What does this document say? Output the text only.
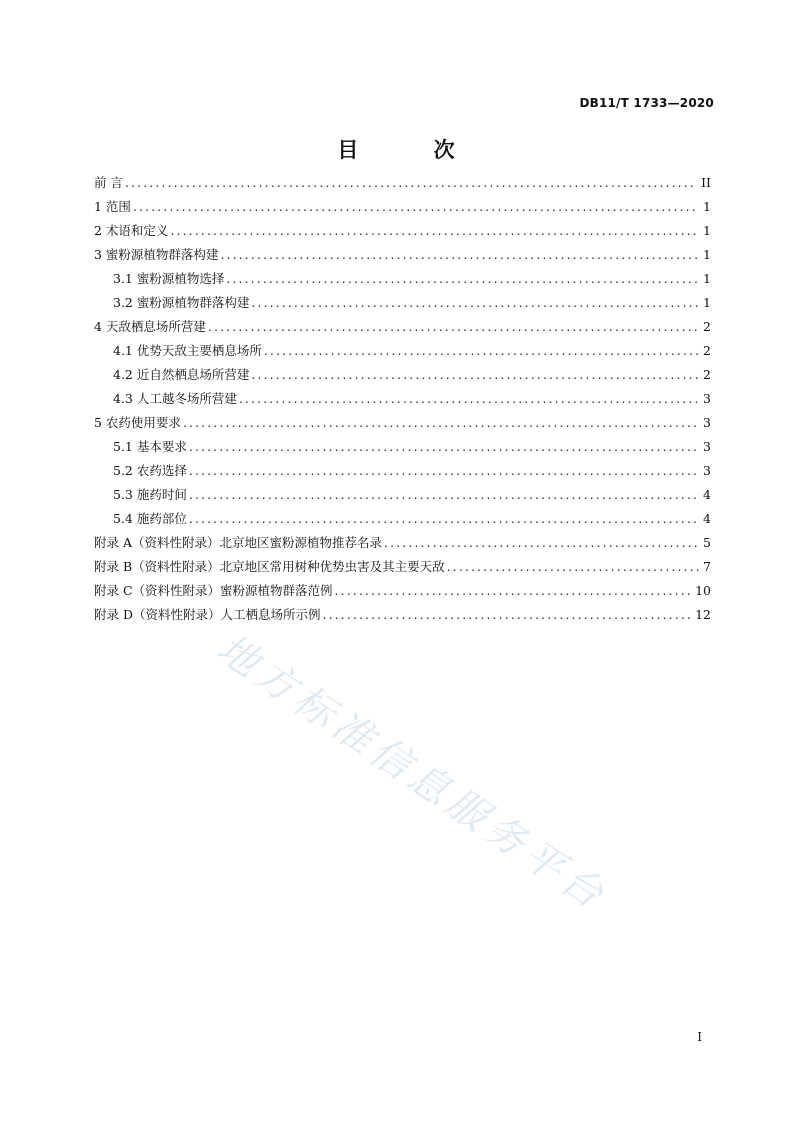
DB11/T 1733—2020
目 次
前 言 .....	II
1 范围 .....	1
2 术语和定义 .....	1
3 蜜粉源植物群落构建 .....	1
3.1 蜜粉源植物选择 .....	1
3.2 蜜粉源植物群落构建 .....	1
4 天敌栖息场所营建 .....	2
4.1 优势天敌主要栖息场所 .....	2
4.2 近自然栖息场所营建 .....	2
4.3 人工越冬场所营建 .....	3
5 农药使用要求 .....	3
5.1 基本要求 .....	3
5.2 农药选择 .....	3
5.3 施药时间 .....	4
5.4 施药部位 .....	4
附录 A（资料性附录）北京地区蜜粉源植物推荐名录 .....	5
附录 B（资料性附录）北京地区常用树种优势虫害及其主要天敌 .....	7
附录 C（资料性附录）蜜粉源植物群落范例 .....	10
附录 D（资料性附录）人工栖息场所示例 .....	12
地方标准信息服务平台
I
